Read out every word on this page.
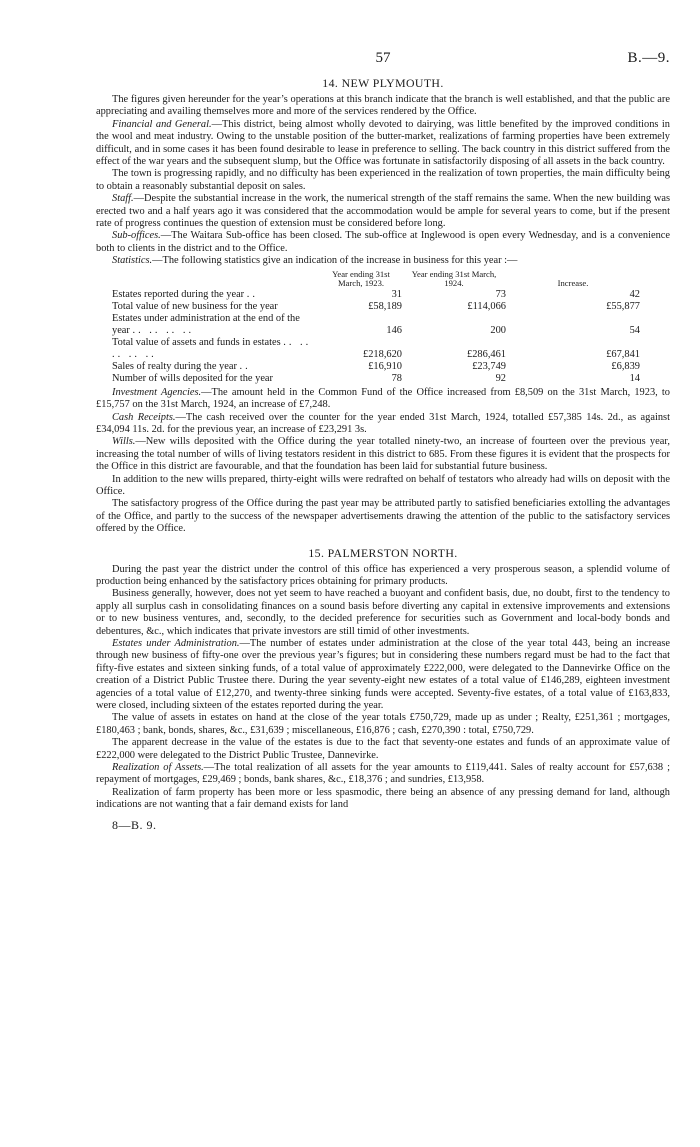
57	B.—9.
14. NEW PLYMOUTH.

The figures given hereunder for the year’s operations at this branch indicate that the branch is well established, and that the public are appreciating and availing themselves more and more of the services rendered by the Office.

Financial and General.—This district, being almost wholly devoted to dairying, was little benefited by the improved conditions in the wool and meat industry. Owing to the unstable position of the butter-market, realizations of farming properties have been extremely difficult, and in some cases it has been found desirable to lease in preference to selling. The back country in this district suffered from the effect of the war years and the subsequent slump, but the Office was fortunate in satisfactorily disposing of all assets in the back country.

The town is progressing rapidly, and no difficulty has been experienced in the realization of town properties, the main difficulty being to obtain a reasonably substantial deposit on sales.

Staff.—Despite the substantial increase in the work, the numerical strength of the staff remains the same. When the new building was erected two and a half years ago it was considered that the accommodation would be ample for several years to come, but if the present rate of progress continues the question of extension must be considered before long.

Sub-offices.—The Waitara Sub-office has been closed. The sub-office at Inglewood is open every Wednesday, and is a convenience both to clients in the district and to the Office.

Statistics.—The following statistics give an indication of the increase in business for this year :—

	Year ending 31st March, 1923.	Year ending 31st March, 1924.	Increase.
Estates reported during the year ..	31	73	42
Total value of new business for the year	£58,189	£114,066	£55,877
Estates under administration at the end of the year .. .. .. ..	146	200	54
Total value of assets and funds in estates .. .. .. .. ..	£218,620	£286,461	£67,841
Sales of realty during the year ..	£16,910	£23,749	£6,839
Number of wills deposited for the year	78	92	14

Investment Agencies.—The amount held in the Common Fund of the Office increased from £8,509 on the 31st March, 1923, to £15,757 on the 31st March, 1924, an increase of £7,248.

Cash Receipts.—The cash received over the counter for the year ended 31st March, 1924, totalled £57,385 14s. 2d., as against £34,094 11s. 2d. for the previous year, an increase of £23,291 3s.

Wills.—New wills deposited with the Office during the year totalled ninety-two, an increase of fourteen over the previous year, increasing the total number of wills of living testators resident in this district to 685. From these figures it is evident that the prospects for the Office in this district are favourable, and that the foundation has been laid for substantial future business.

In addition to the new wills prepared, thirty-eight wills were redrafted on behalf of testators who already had wills on deposit with the Office.

The satisfactory progress of the Office during the past year may be attributed partly to satisfied beneficiaries extolling the advantages of the Office, and partly to the success of the newspaper advertisements drawing the attention of the public to the satisfactory services offered by the Office.

15. PALMERSTON NORTH.

During the past year the district under the control of this office has experienced a very prosperous season, a splendid volume of production being enhanced by the satisfactory prices obtaining for primary products.

Business generally, however, does not yet seem to have reached a buoyant and confident basis, due, no doubt, first to the tendency to apply all surplus cash in consolidating finances on a sound basis before diverting any capital in extensive improvements and extensions or to new business ventures, and, secondly, to the decided preference for securities such as Government and local-body bonds and debentures, &c., which indicates that private investors are still timid of other investments.

Estates under Administration.—The number of estates under administration at the close of the year total 443, being an increase through new business of fifty-one over the previous year’s figures; but in considering these numbers regard must be had to the fact that fifty-five estates and sixteen sinking funds, of a total value of approximately £222,000, were delegated to the Dannevirke Office on the creation of a District Public Trustee there. During the year seventy-eight new estates of a total value of £146,289, eighteen investment agencies of a total value of £12,270, and twenty-three sinking funds were accepted. Seventy-five estates, of a total value of £163,833, were closed, including sixteen of the estates reported during the year.

The value of assets in estates on hand at the close of the year totals £750,729, made up as under ; Realty, £251,361 ; mortgages, £180,463 ; bank, bonds, shares, &c., £31,639 ; miscellaneous, £16,876 ; cash, £270,390 : total, £750,729.

The apparent decrease in the value of the estates is due to the fact that seventy-one estates and funds of an approximate value of £222,000 were delegated to the District Public Trustee, Dannevirke.

Realization of Assets.—The total realization of all assets for the year amounts to £119,441. Sales of realty account for £57,638 ; repayment of mortgages, £29,469 ; bonds, bank shares, &c., £18,376 ; and sundries, £13,958.

Realization of farm property has been more or less spasmodic, there being an absence of any pressing demand for land, although indications are not wanting that a fair demand exists for land

8—B. 9.
